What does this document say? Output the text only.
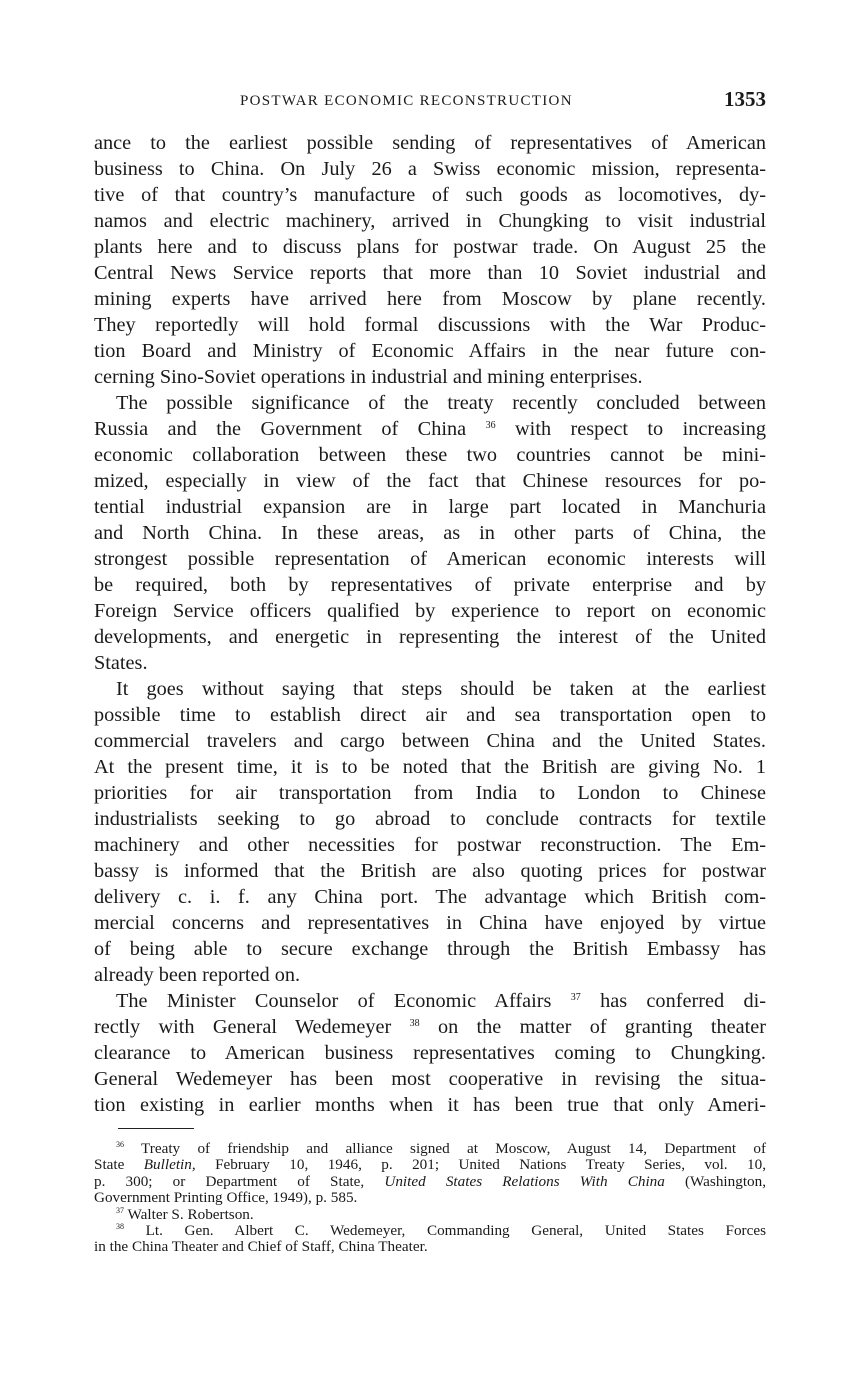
POSTWAR ECONOMIC RECONSTRUCTION	1353
ance to the earliest possible sending of representatives of American
business to China. On July 26 a Swiss economic mission, representa-
tive of that country’s manufacture of such goods as locomotives, dy-
namos and electric machinery, arrived in Chungking to visit industrial
plants here and to discuss plans for postwar trade. On August 25 the
Central News Service reports that more than 10 Soviet industrial and
mining experts have arrived here from Moscow by plane recently.
They reportedly will hold formal discussions with the War Produc-
tion Board and Ministry of Economic Affairs in the near future con-
cerning Sino-Soviet operations in industrial and mining enterprises.
The possible significance of the treaty recently concluded between
Russia and the Government of China $^{36}$ with respect to increasing
economic collaboration between these two countries cannot be mini-
mized, especially in view of the fact that Chinese resources for po-
tential industrial expansion are in large part located in Manchuria
and North China. In these areas, as in other parts of China, the
strongest possible representation of American economic interests will
be required, both by representatives of private enterprise and by
Foreign Service officers qualified by experience to report on economic
developments, and energetic in representing the interest of the United
States.
It goes without saying that steps should be taken at the earliest
possible time to establish direct air and sea transportation open to
commercial travelers and cargo between China and the United States.
At the present time, it is to be noted that the British are giving No. 1
priorities for air transportation from India to London to Chinese
industrialists seeking to go abroad to conclude contracts for textile
machinery and other necessities for postwar reconstruction. The Em-
bassy is informed that the British are also quoting prices for postwar
delivery c. i. f. any China port. The advantage which British com-
mercial concerns and representatives in China have enjoyed by virtue
of being able to secure exchange through the British Embassy has
already been reported on.
The Minister Counselor of Economic Affairs $^{37}$ has conferred di-
rectly with General Wedemeyer $^{38}$ on the matter of granting theater
clearance to American business representatives coming to Chungking.
General Wedemeyer has been most cooperative in revising the situa-
tion existing in earlier months when it has been true that only Ameri-
$^{36}$ Treaty of friendship and alliance signed at Moscow, August 14, Department of
State Bulletin, February 10, 1946, p. 201; United Nations Treaty Series, vol. 10,
p. 300; or Department of State, United States Relations With China (Washington,
Government Printing Office, 1949), p. 585.
$^{37}$ Walter S. Robertson.
$^{38}$ Lt. Gen. Albert C. Wedemeyer, Commanding General, United States Forces
in the China Theater and Chief of Staff, China Theater.
